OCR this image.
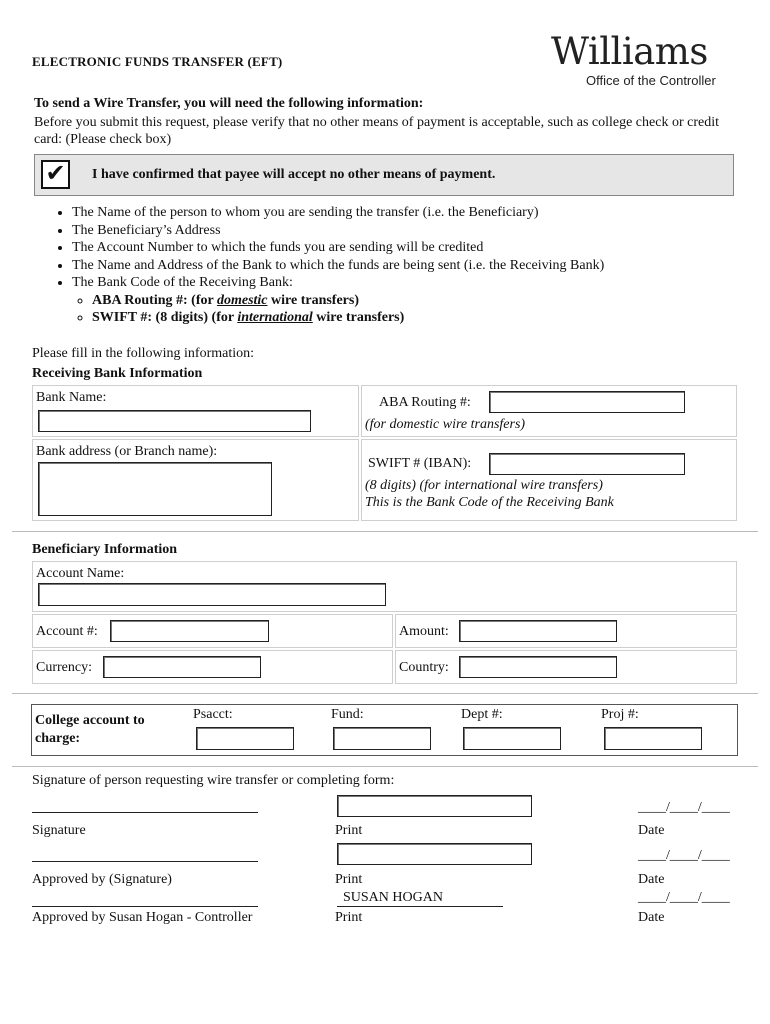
ELECTRONIC FUNDS TRANSFER (EFT)	Williams
Office of the Controller
To send a Wire Transfer, you will need the following information:
Before you submit this request, please verify that no other means of payment is acceptable, such as college check or credit card: (Please check box)
✔	I have confirmed that payee will accept no other means of payment.
• The Name of the person to whom you are sending the transfer (i.e. the Beneficiary)
• The Beneficiary’s Address
• The Account Number to which the funds you are sending will be credited
• The Name and Address of the Bank to which the funds are being sent (i.e. the Receiving Bank)
• The Bank Code of the Receiving Bank:
◦ ABA Routing #: (for domestic wire transfers)
◦ SWIFT #: (8 digits) (for international wire transfers)
Please fill in the following information:
Receiving Bank Information
Bank Name:	ABA Routing #:
(for domestic wire transfers)
Bank address (or Branch name):
SWIFT # (IBAN):
(8 digits) (for international wire transfers)
This is the Bank Code of the Receiving Bank
Beneficiary Information
Account Name:
Account #:	Amount:
Currency:	Country:
College account to charge:
Psacct:	Fund:	Dept #:	Proj #:
Signature of person requesting wire transfer or completing form:
____/____/____
Signature	Print	Date
____/____/____
Approved by (Signature)	Print	Date
SUSAN HOGAN	____/____/____
Approved by Susan Hogan - Controller	Print	Date
